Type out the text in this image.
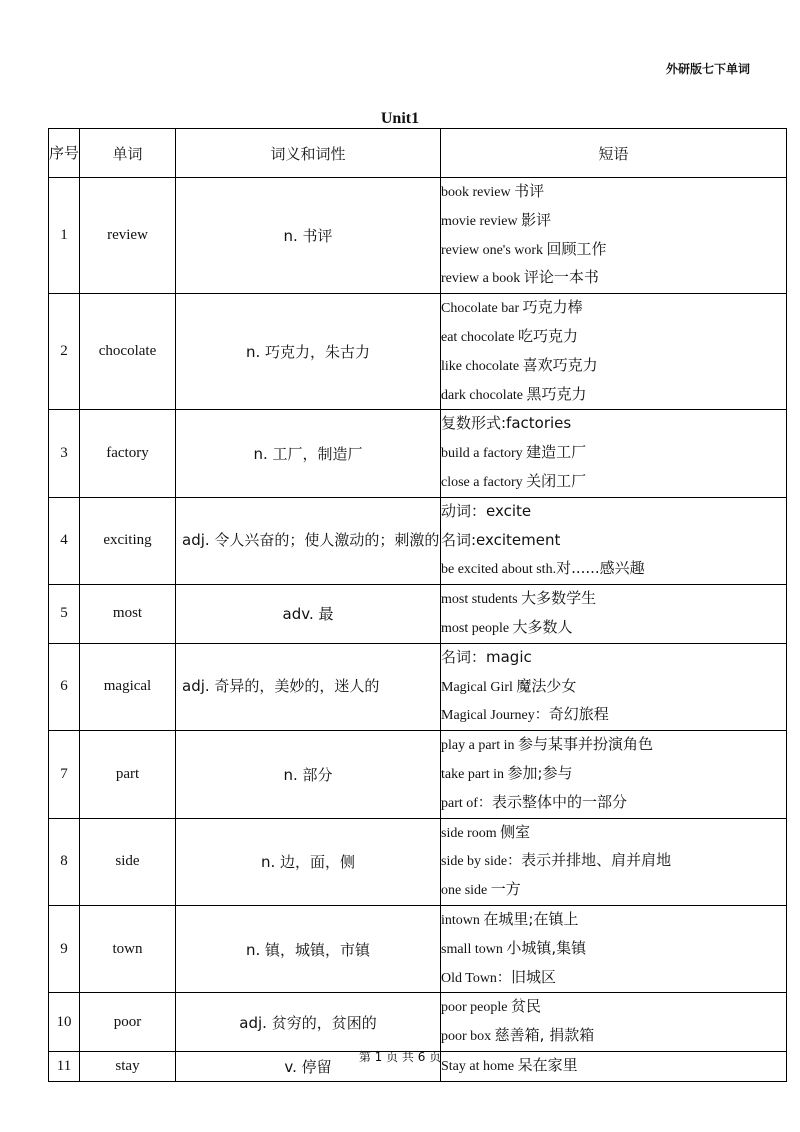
外研版七下单词
Unit1
序号	单词	词义和词性	短语
1	review	n. 书评	book review 书评
movie review 影评
review one's work 回顾工作
review a book 评论一本书

2	chocolate	n. 巧克力，朱古力	Chocolate bar 巧克力棒
eat chocolate 吃巧克力
like chocolate 喜欢巧克力
dark chocolate 黑巧克力

3	factory	n. 工厂，制造厂	复数形式:factories
build a factory 建造工厂
close a factory 关闭工厂

4	exciting	adj. 令人兴奋的；使人激动的；刺激的	动词：excite
名词:excitement
be excited about sth.对......感兴趣

5	most	adv. 最	most students 大多数学生
most people 大多数人

6	magical	adj. 奇异的，美妙的，迷人的	名词：magic
Magical Girl 魔法少女
Magical Journey：奇幻旅程

7	part	n. 部分	play a part in 参与某事并扮演角色
take part in 参加;参与
part of：表示整体中的一部分

8	side	n. 边，面，侧	side room 侧室
side by side：表示并排地、肩并肩地
one side 一方

9	town	n. 镇，城镇，市镇	intown 在城里;在镇上
small town 小城镇,集镇
Old Town：旧城区

10	poor	adj. 贫穷的，贫困的	poor people 贫民
poor box 慈善箱, 捐款箱

11	stay	v. 停留	Stay at home 呆在家里
第 1 页 共 6 页
